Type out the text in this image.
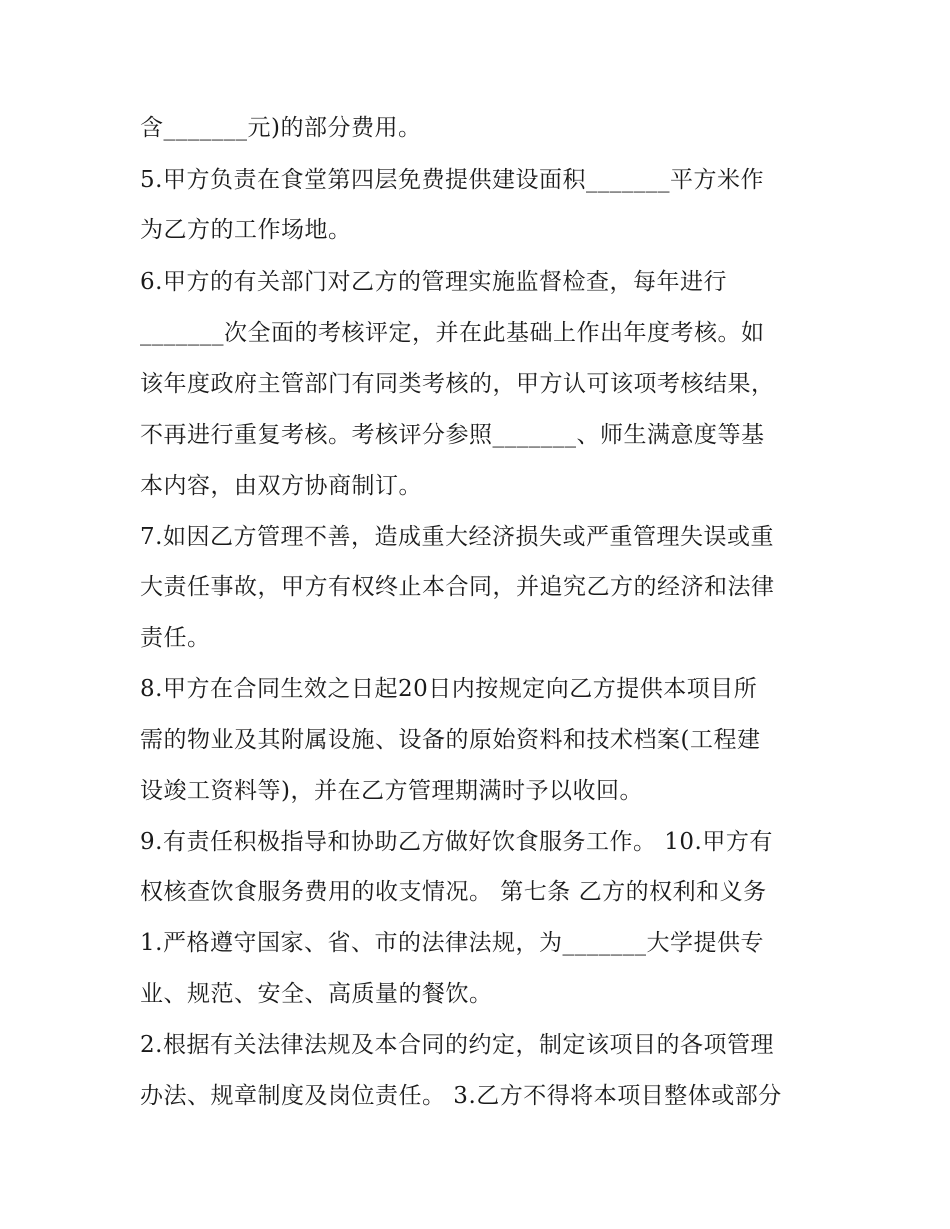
含_______元)的部分费用。
5.甲方负责在食堂第四层免费提供建设面积_______平方米作
为乙方的工作场地。
6.甲方的有关部门对乙方的管理实施监督检查，每年进行
_______次全面的考核评定，并在此基础上作出年度考核。如
该年度政府主管部门有同类考核的，甲方认可该项考核结果，
不再进行重复考核。考核评分参照_______、师生满意度等基
本内容，由双方协商制订。
7.如因乙方管理不善，造成重大经济损失或严重管理失误或重
大责任事故，甲方有权终止本合同，并追究乙方的经济和法律
责任。
8.甲方在合同生效之日起20日内按规定向乙方提供本项目所
需的物业及其附属设施、设备的原始资料和技术档案(工程建
设竣工资料等)，并在乙方管理期满时予以收回。
9.有责任积极指导和协助乙方做好饮食服务工作。 10.甲方有
权核查饮食服务费用的收支情况。 第七条 乙方的权利和义务
1.严格遵守国家、省、市的法律法规，为_______大学提供专
业、规范、安全、高质量的餐饮。
2.根据有关法律法规及本合同的约定，制定该项目的各项管理
办法、规章制度及岗位责任。 3.乙方不得将本项目整体或部分
